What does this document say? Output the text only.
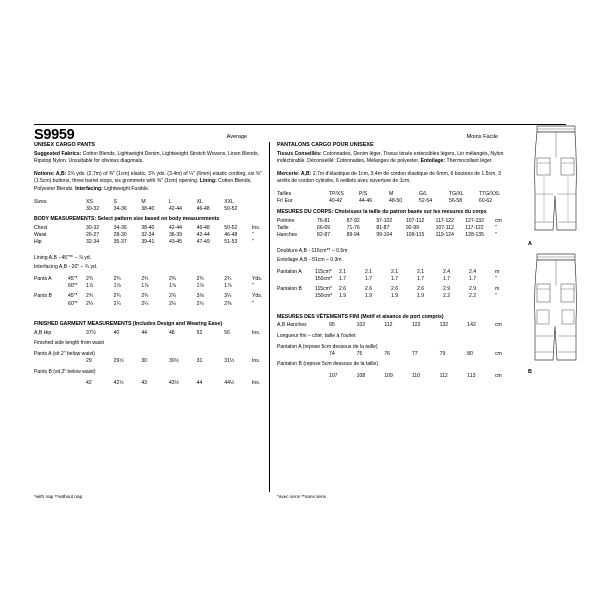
S9959	Average	Moins Facile
UNISEX CARGO PANTS
Suggested Fabrics: Cotton Blends, Lightweight Denim, Lightweight Stretch Wovens, Linen Blends, Ripstop Nylon. Unsuitable for obvious diagonals.
Notions: A,B: 2¾ yds. (2.7m) of ⅜" (1cm) elastic, 3¾ yds. (3.4m) of ¼" (6mm) elastic cording, six ⅝" (1.5cm) buttons, three barrel stops, six grommets with ⅜" (1cm) opening. Lining: Cotton Blends, Polyester Blends. Interfacing: Lightweight Fusible.
Sizes	XS	S	M	L	XL	XXL	
	30-32	34-36	38-40	42-44	46-48	50-52	
BODY MEASUREMENTS: Select pattern size based on body measurements
Chest	30-32	34-36	38-40	42-44	46-48	50-52	Ins.
Waist	26-27	28-30	32-34	36-39	42-44	46-48	"
Hip	32-34	35-37	39-41	43-45	47-49	51-53	"
Lining A,B - 45"** – ⅞ yd.
Interfacing A,B - 20" – ¾ yd.
Pants A	45"*	2¾	2¾	2¾	2¾	2¾	2¾	Yds.
	60"*	1⅞	1⅞	1⅞	1⅞	1⅞	1⅞	"

Pants B	45"*	2¾	2¾	2¾	2¾	3⅛	3¼	Yds.
	60"*	2¼	2¼	2¼	2¼	2¼	2⅜	"
FINISHED GARMENT MEASUREMENTS (Includes Design and Wearing Ease)
A,B Hip	37½	40	44	48	52	56	Ins.
Finished side length from waist							
Pants A (sit 2" below waist)							
	29	29½	30	30½	31	31½	Ins.
Pants B (sit 2" below waist)							
	42	42½	43	43½	44	44½	Ins.
PANTALONS CARGO POUR UNISEXE
Tissus Conseillés: Cotonnades, Denim léger, Tissus tissés extensibles légers, Lin mélangés, Nylon indéchirable. Déconseillé: Cotonnades, Mélanges de polyester. Entoilage: Thermocollant léger.
Mercerie: A,B: 2.7m d'élastique de 1cm, 3.4m de cordon élastique de 6mm, 6 boutons de 1.5cm, 3 arrêts de cordon cylindre, 6 oeillets avec ouverture de 1cm.
Tailles	TP/XS	P/S	M	G/L	TG/XL	TTG/XXL
Fr/ Eur	40-42	44-46	48-50	52-54	56-58	60-62
MESURES DU CORPS: Choisissez la taille du patron basée sur les mesures du corps
Poitrine	76-81	87-92	97-102	107-112	117-122	127-132	cm
Taille	66-69	71-76	81-87	92-99	107-112	117-122	"
Hanches	82-87	89-94	99-104	109-115	119-124	128-135	"
Doublure A,B - 115cm** – 0.5m
Entoilage A,B - 51cm – 0.3m
Pantalon A	115cm*	2.1	2.1	2.1	2.1	2.4	2.4	m
	150cm*	1.7	1.7	1.7	1.7	1.7	1.7	"

Pantalon B	115cm*	2.6	2.6	2.6	2.6	2.9	2.9	m
	150cm*	1.9	1.9	1.9	1.9	2.2	2.2	"
MESURES DES VÊTEMENTS FINI (Motif et aisance de port compris)
A,B Hanches	95	102	112	122	132	142	cm
Longueur fini – côté, taille à l'ourlet							
Pantalon A (repose 5cm dessous de la taille)							
	74	75	76	77	79	80	cm
Pantalon B (repose 5cm dessous de la taille)							
	107	108	109	110	112	113	cm
*with nap **without nap	*avec sens **sans sens
A
B
